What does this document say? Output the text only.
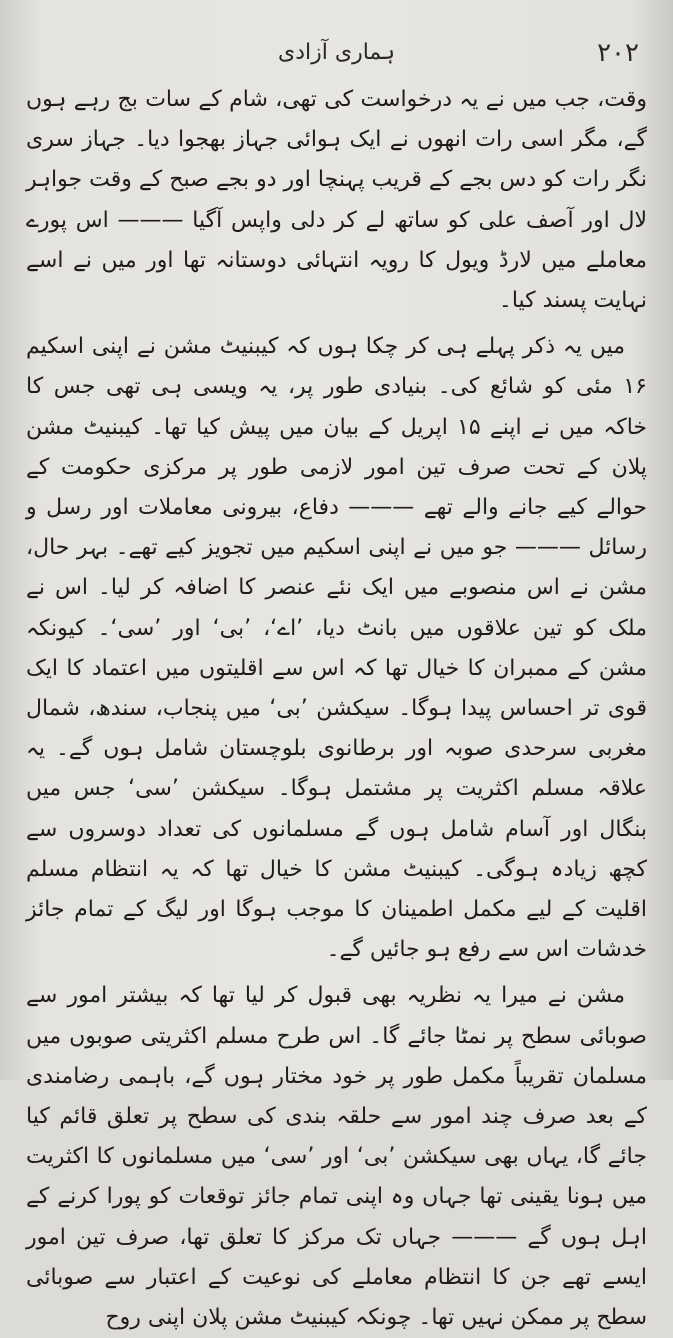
ہماری آزادی	۲۰۲

وقت، جب میں نے یہ درخواست کی تھی، شام کے سات بج رہے ہوں گے، مگر اسی رات انھوں نے ایک ہوائی جہاز بھجوا دیا۔ جہاز سری نگر رات کو دس بجے کے قریب پہنچا اور دو بجے صبح کے وقت جواہر لال اور آصف علی کو ساتھ لے کر دلی واپس آگیا ——— اس پورے معاملے میں لارڈ ویول کا رویہ انتہائی دوستانہ تھا اور میں نے اسے نہایت پسند کیا۔

میں یہ ذکر پہلے ہی کر چکا ہوں کہ کیبنیٹ مشن نے اپنی اسکیم ۱۶ مئی کو شائع کی۔ بنیادی طور پر، یہ ویسی ہی تھی جس کا خاکہ میں نے اپنے ۱۵ اپریل کے بیان میں پیش کیا تھا۔ کیبنیٹ مشن پلان کے تحت صرف تین امور لازمی طور پر مرکزی حکومت کے حوالے کیے جانے والے تھے ——— دفاع، بیرونی معاملات اور رسل و رسائل ——— جو میں نے اپنی اسکیم میں تجویز کیے تھے۔ بہر حال، مشن نے اس منصوبے میں ایک نئے عنصر کا اضافہ کر لیا۔ اس نے ملک کو تین علاقوں میں بانٹ دیا، ’اے‘، ’بی‘ اور ’سی‘۔ کیونکہ مشن کے ممبران کا خیال تھا کہ اس سے اقلیتوں میں اعتماد کا ایک قوی تر احساس پیدا ہوگا۔ سیکشن ’بی‘ میں پنجاب، سندھ، شمال مغربی سرحدی صوبہ اور برطانوی بلوچستان شامل ہوں گے۔ یہ علاقہ مسلم اکثریت پر مشتمل ہوگا۔ سیکشن ’سی‘ جس میں بنگال اور آسام شامل ہوں گے مسلمانوں کی تعداد دوسروں سے کچھ زیادہ ہوگی۔ کیبنیٹ مشن کا خیال تھا کہ یہ انتظام مسلم اقلیت کے لیے مکمل اطمینان کا موجب ہوگا اور لیگ کے تمام جائز خدشات اس سے رفع ہو جائیں گے۔

مشن نے میرا یہ نظریہ بھی قبول کر لیا تھا کہ بیشتر امور سے صوبائی سطح پر نمٹا جائے گا۔ اس طرح مسلم اکثریتی صوبوں میں مسلمان تقریباً مکمل طور پر خود مختار ہوں گے، باہمی رضامندی کے بعد صرف چند امور سے حلقہ بندی کی سطح پر تعلق قائم کیا جائے گا، یہاں بھی سیکشن ’بی‘ اور ’سی‘ میں مسلمانوں کا اکثریت میں ہونا یقینی تھا جہاں وہ اپنی تمام جائز توقعات کو پورا کرنے کے اہل ہوں گے ——— جہاں تک مرکز کا تعلق تھا، صرف تین امور ایسے تھے جن کا انتظام معاملے کی نوعیت کے اعتبار سے صوبائی سطح پر ممکن نہیں تھا۔ چونکہ کیبنیٹ مشن پلان اپنی روح
